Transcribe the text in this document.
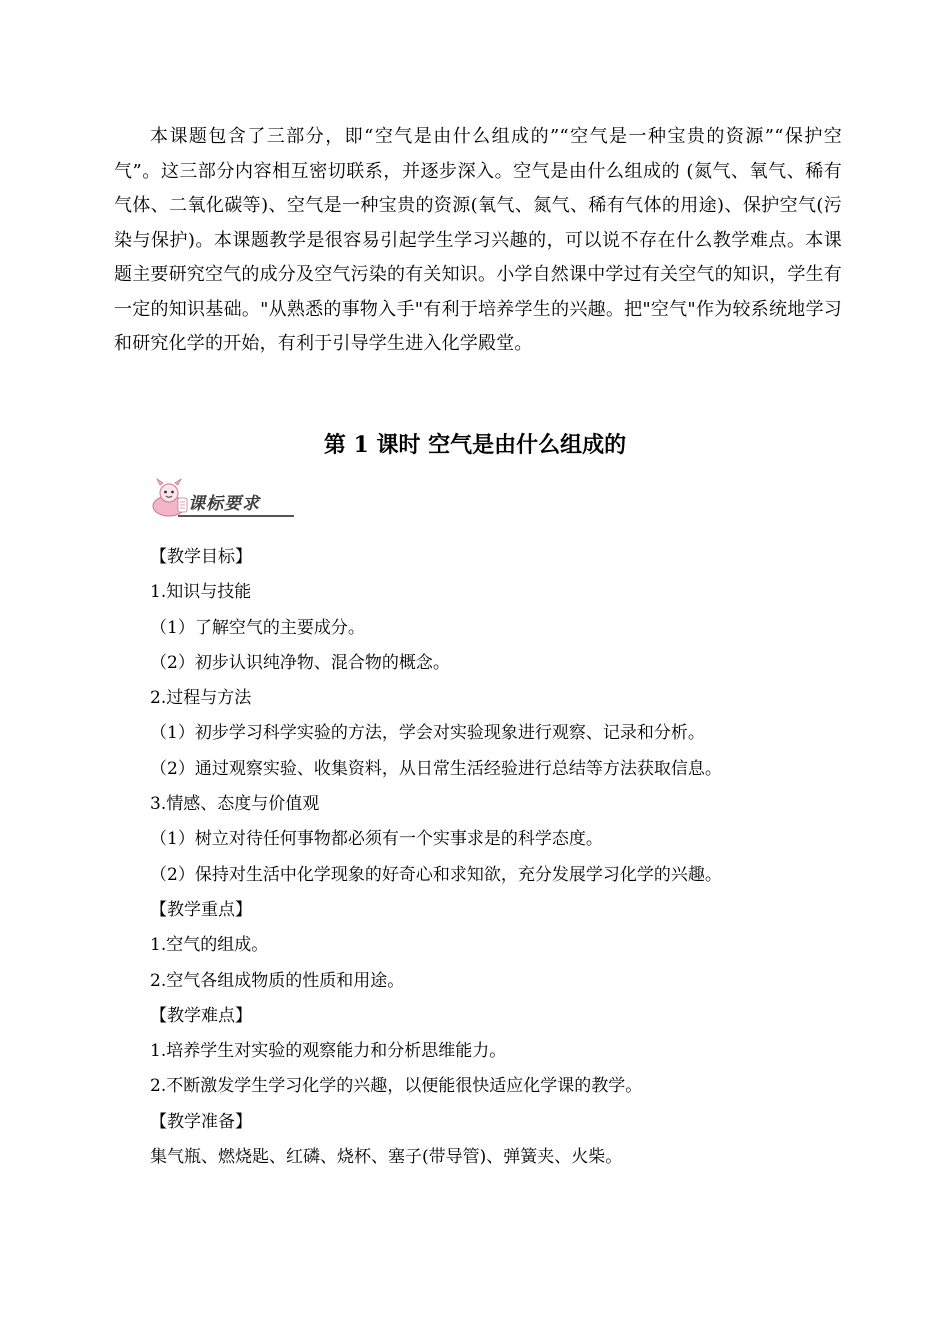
本课题包含了三部分，即“空气是由什么组成的”“空气是一种宝贵的资源”“保护空气”。这三部分内容相互密切联系，并逐步深入。空气是由什么组成的 (氮气、氧气、稀有气体、二氧化碳等)、空气是一种宝贵的资源(氧气、氮气、稀有气体的用途)、保护空气(污染与保护)。本课题教学是很容易引起学生学习兴趣的，可以说不存在什么教学难点。本课题主要研究空气的成分及空气污染的有关知识。小学自然课中学过有关空气的知识，学生有一定的知识基础。"从熟悉的事物入手"有利于培养学生的兴趣。把"空气"作为较系统地学习和研究化学的开始，有利于引导学生进入化学殿堂。

第 1 课时 空气是由什么组成的
课标要求
【教学目标】
1.知识与技能
（1）了解空气的主要成分。
（2）初步认识纯净物、混合物的概念。
2.过程与方法
（1）初步学习科学实验的方法，学会对实验现象进行观察、记录和分析。
（2）通过观察实验、收集资料，从日常生活经验进行总结等方法获取信息。
3.情感、态度与价值观
（1）树立对待任何事物都必须有一个实事求是的科学态度。
（2）保持对生活中化学现象的好奇心和求知欲，充分发展学习化学的兴趣。
【教学重点】
1.空气的组成。
2.空气各组成物质的性质和用途。
【教学难点】
1.培养学生对实验的观察能力和分析思维能力。
2.不断激发学生学习化学的兴趣，以便能很快适应化学课的教学。
【教学准备】
集气瓶、燃烧匙、红磷、烧杯、塞子(带导管)、弹簧夹、火柴。
